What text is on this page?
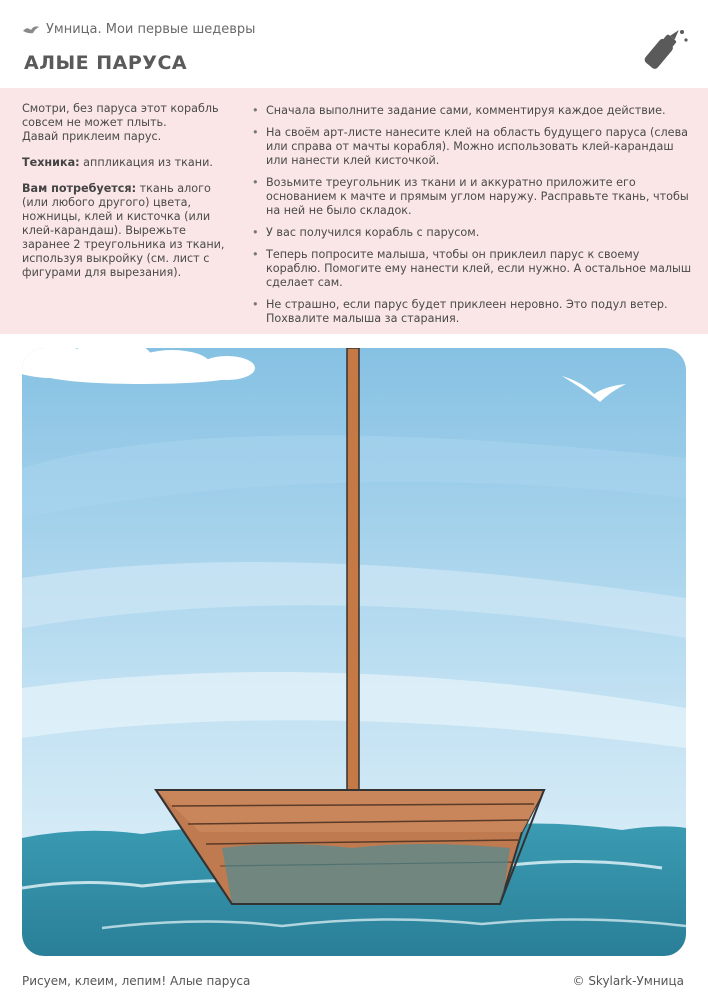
Умница. Мои первые шедевры
АЛЫЕ ПАРУСА

Смотри, без паруса этот корабль
совсем не может плыть.
Давай приклеим парус.

Техника: аппликация из ткани.

Вам потребуется: ткань алого (или любого другого) цвета, ножницы, клей и кисточка (или клей-карандаш). Вырежьте заранее 2 треугольника из ткани, используя выкройку (см. лист с фигурами для вырезания).

• Сначала выполните задание сами, комментируя каждое действие.
• На своём арт-листе нанесите клей на область будущего паруса (слева или справа от мачты корабля). Можно использовать клей-карандаш или нанести клей кисточкой.
• Возьмите треугольник из ткани и и аккуратно приложите его основанием к мачте и прямым углом наружу. Расправьте ткань, чтобы на ней не было складок.
• У вас получился корабль с парусом.
• Теперь попросите малыша, чтобы он приклеил парус к своему кораблю. Помогите ему нанести клей, если нужно. А остальное малыш сделает сам.
• Не страшно, если парус будет приклеен неровно. Это подул ветер. Похвалите малыша за старания.
Рисуем, клеим, лепим! Алые паруса	© Skylark-Умница
